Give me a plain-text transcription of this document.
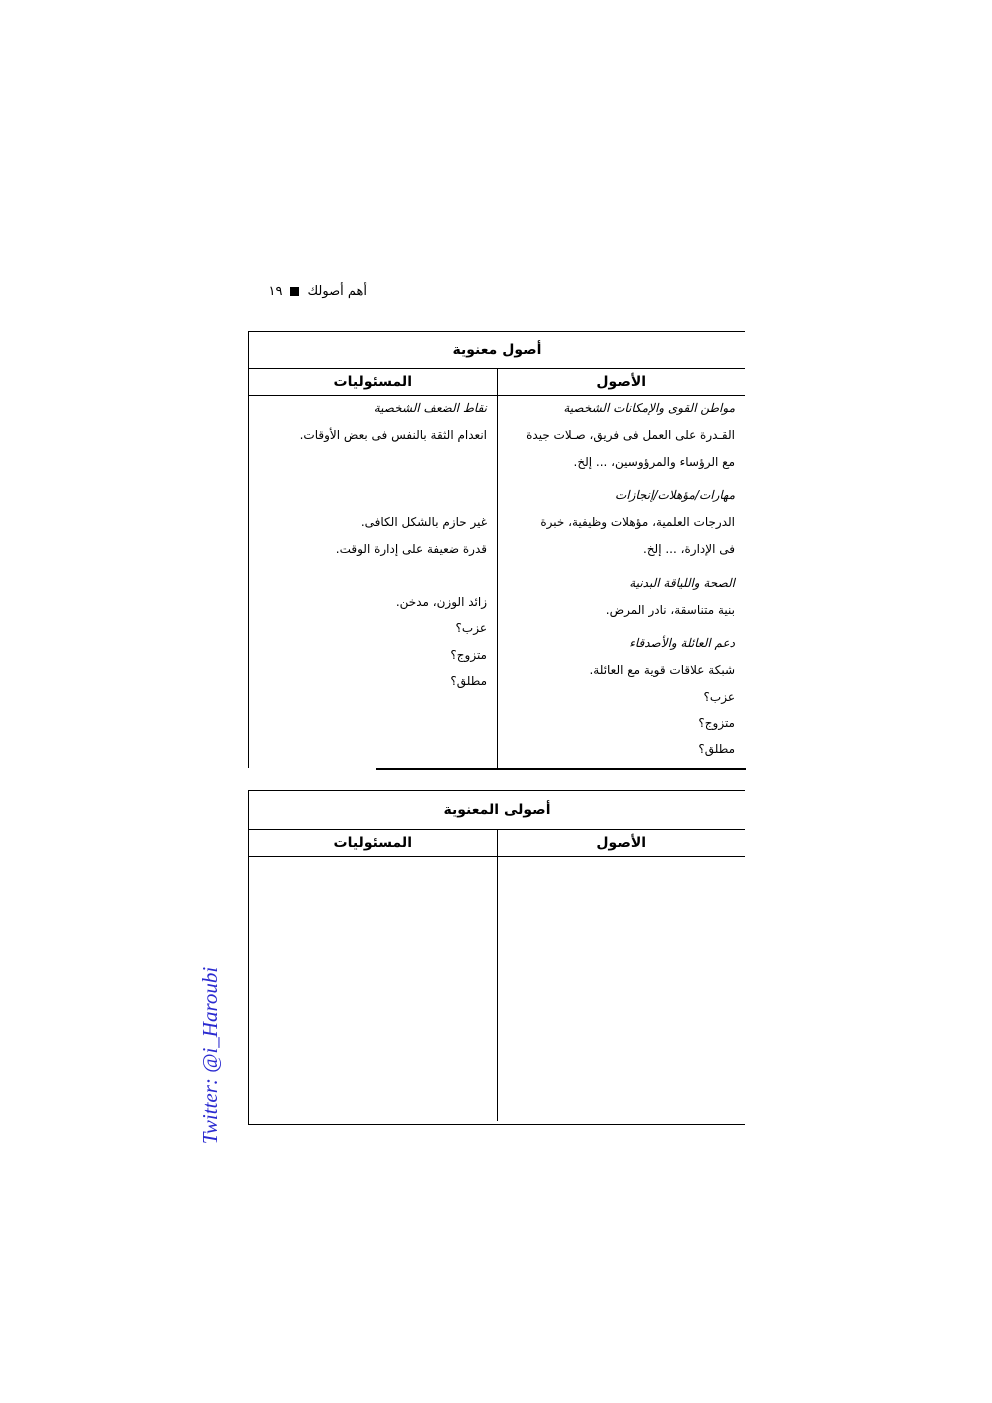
أهم أصولك
١٩
أصول معنوية
الأصول
المسئوليات
مواطن القوى والإمكانات الشخصية
القـدرة على العمل فى فريق، صـلات جيدة
مع الرؤساء والمرؤوسين، ... إلخ.
مهارات/مؤهلات/إنجازات
الدرجات العلمية، مؤهلات وظيفية، خبرة
فى الإدارة، ... إلخ.
الصحة واللياقة البدنية
بنية متناسقة، نادر المرض.
دعم العائلة والأصدقاء
شبكة علاقات قوية مع العائلة.
عزب؟
متزوج؟
مطلق؟
نقاط الضعف الشخصية
انعدام الثقة بالنفس فى بعض الأوقات.
غير حازم بالشكل الكافى.
قدرة ضعيفة على إدارة الوقت.
زائد الوزن، مدخن.
عزب؟
متزوج؟
مطلق؟
أصولى المعنوية
الأصول
المسئوليات
Twitter: @i_Haroubi
